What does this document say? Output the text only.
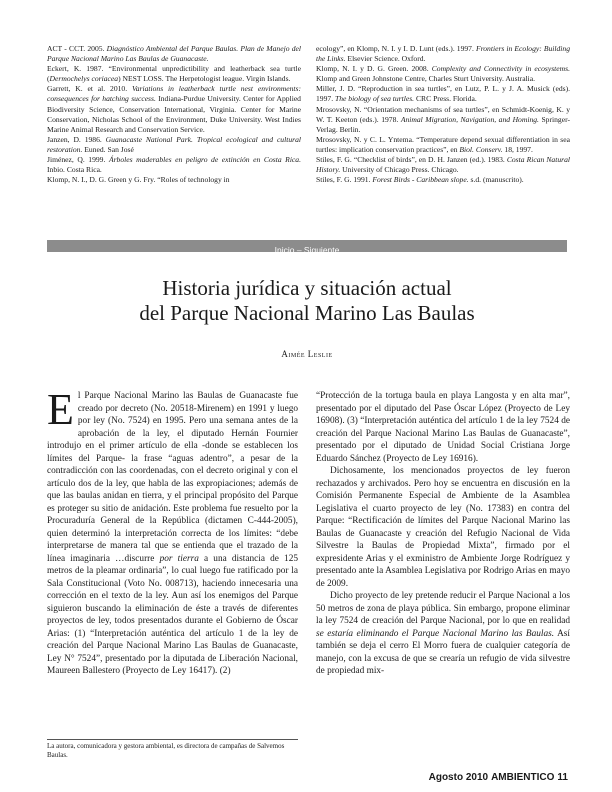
ACT - CCT. 2005. Diagnóstico Ambiental del Parque Baulas. Plan de Manejo del Parque Nacional Marino Las Baulas de Guanacaste.

Eckert, K. 1987. “Environmental unpredictibility and leatherback sea turtle (Dermochelys coriacea) NEST LOSS. The Herpetologist league. Virgin Islands.

Garrett, K. et al. 2010. Variations in leatherback turtle nest environments: consequences for hatching success. Indiana-Purdue University. Center for Applied Biodiversity Science, Conservation International, Virginia. Center for Marine Conservation, Nicholas School of the Environment, Duke University. West Indies Marine Animal Research and Conservation Service.

Janzen, D. 1986. Guanacaste National Park. Tropical ecological and cultural restoration. Euned. San José

Jiménez, Q. 1999. Árboles maderables en peligro de extinción en Costa Rica. Inbio. Costa Rica.

Klomp, N. I., D. G. Green y G. Fry. “Roles of technology in

ecology”, en Klomp, N. I. y I. D. Lunt (eds.). 1997. Frontiers in Ecology: Building the Links. Elsevier Science. Oxford.

Klomp, N. I. y D. G. Green. 2008. Complexity and Connectivity in ecosystems. Klomp and Green Johnstone Centre, Charles Sturt University. Australia.

Miller, J. D. “Reproduction in sea turtles”, en Lutz, P. L. y J. A. Musick (eds). 1997. The biology of sea turtles. CRC Press. Florida.

Mrosovsky, N. “Orientation mechanisms of sea turtles”, en Schmidt-Koenig, K. y W. T. Keeton (eds.). 1978. Animal Migration, Navigation, and Homing. Springer-Verlag. Berlin.

Mrosovsky, N. y C. L. Yntema. “Temperature depend sexual differentiation in sea turtles: implication conservation practices”, en Biol. Conserv. 18, 1997.

Stiles, F. G. “Checklist of birds”, en D. H. Janzen (ed.). 1983. Costa Rican Natural History. University of Chicago Press. Chicago.

Stiles, F. G. 1991. Forest Birds - Caribbean slope. s.d. (manuscrito).

Inicio – Siguiente
Historia jurídica y situación actual
del Parque Nacional Marino Las Baulas
Aimée Leslie

El Parque Nacional Marino las Baulas de Guanacaste fue creado por decreto (No. 20518-Mirenem) en 1991 y luego por ley (No. 7524) en 1995. Pero una semana antes de la aprobación de la ley, el diputado Hernán Fournier introdujo en el primer artículo de ella -donde se establecen los límites del Parque- la frase “aguas adentro”, a pesar de la contradicción con las coordenadas, con el decreto original y con el artículo dos de la ley, que habla de las expropiaciones; además de que las baulas anidan en tierra, y el principal propósito del Parque es proteger su sitio de anidación. Este problema fue resuelto por la Procuraduría General de la República (dictamen C-444-2005), quien determinó la interpretación correcta de los límites: “debe interpretarse de manera tal que se entienda que el trazado de la línea imaginaria …discurre por tierra a una distancia de 125 metros de la pleamar ordinaria”, lo cual luego fue ratificado por la Sala Constitucional (Voto No. 008713), haciendo innecesaria una corrección en el texto de la ley. Aun así los enemigos del Parque siguieron buscando la eliminación de éste a través de diferentes proyectos de ley, todos presentados durante el Gobierno de Óscar Arias: (1) “Interpretación auténtica del artículo 1 de la ley de creación del Parque Nacional Marino Las Baulas de Guanacaste, Ley N° 7524”, presentado por la diputada de Liberación Nacional, Maureen Ballestero (Proyecto de Ley 16417). (2)

“Protección de la tortuga baula en playa Langosta y en alta mar”, presentado por el diputado del Pase Óscar López (Proyecto de Ley 16908). (3) “Interpretación auténtica del artículo 1 de la ley 7524 de creación del Parque Nacional Marino Las Baulas de Guanacaste”, presentado por el diputado de Unidad Social Cristiana Jorge Eduardo Sánchez (Proyecto de Ley 16916).

Dichosamente, los mencionados proyectos de ley fueron rechazados y archivados. Pero hoy se encuentra en discusión en la Comisión Permanente Especial de Ambiente de la Asamblea Legislativa el cuarto proyecto de ley (No. 17383) en contra del Parque: “Rectificación de límites del Parque Nacional Marino las Baulas de Guanacaste y creación del Refugio Nacional de Vida Silvestre la Baulas de Propiedad Mixta”, firmado por el expresidente Arias y el exministro de Ambiente Jorge Rodríguez y presentado ante la Asamblea Legislativa por Rodrigo Arias en mayo de 2009.

Dicho proyecto de ley pretende reducir el Parque Nacional a los 50 metros de zona de playa pública. Sin embargo, propone eliminar la ley 7524 de creación del Parque Nacional, por lo que en realidad se estaría eliminando el Parque Nacional Marino las Baulas. Así también se deja el cerro El Morro fuera de cualquier categoría de manejo, con la excusa de que se crearía un refugio de vida silvestre de propiedad mix-

La autora, comunicadora y gestora ambiental, es directora de campañas de Salvemos Baulas.

Agosto 2010 AMBIENTICO 11
